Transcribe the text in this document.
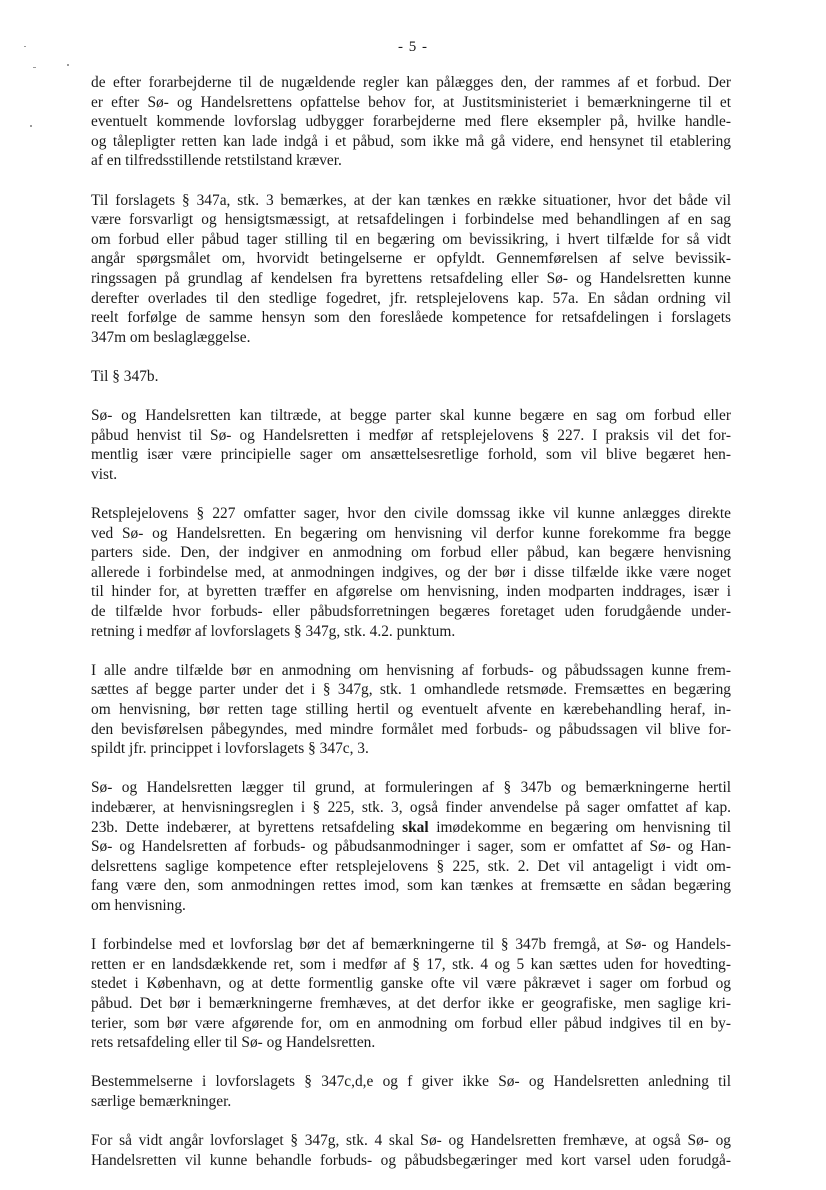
- 5 -
de efter forarbejderne til de nugældende regler kan pålægges den, der rammes af et forbud. Der
er efter Sø- og Handelsrettens opfattelse behov for, at Justitsministeriet i bemærkningerne til et
eventuelt kommende lovforslag udbygger forarbejderne med flere eksempler på, hvilke handle-
og tålepligter retten kan lade indgå i et påbud, som ikke må gå videre, end hensynet til etablering
af en tilfredsstillende retstilstand kræver.
Til forslagets § 347a, stk. 3 bemærkes, at der kan tænkes en række situationer, hvor det både vil
være forsvarligt og hensigtsmæssigt, at retsafdelingen i forbindelse med behandlingen af en sag
om forbud eller påbud tager stilling til en begæring om bevissikring, i hvert tilfælde for så vidt
angår spørgsmålet om, hvorvidt betingelserne er opfyldt. Gennemførelsen af selve bevissik-
ringssagen på grundlag af kendelsen fra byrettens retsafdeling eller Sø- og Handelsretten kunne
derefter overlades til den stedlige fogedret, jfr. retsplejelovens kap. 57a. En sådan ordning vil
reelt forfølge de samme hensyn som den foreslåede kompetence for retsafdelingen i forslagets
347m om beslaglæggelse.
Til § 347b.
Sø- og Handelsretten kan tiltræde, at begge parter skal kunne begære en sag om forbud eller
påbud henvist til Sø- og Handelsretten i medfør af retsplejelovens § 227. I praksis vil det for-
mentlig især være principielle sager om ansættelsesretlige forhold, som vil blive begæret hen-
vist.
Retsplejelovens § 227 omfatter sager, hvor den civile domssag ikke vil kunne anlægges direkte
ved Sø- og Handelsretten. En begæring om henvisning vil derfor kunne forekomme fra begge
parters side. Den, der indgiver en anmodning om forbud eller påbud, kan begære henvisning
allerede i forbindelse med, at anmodningen indgives, og der bør i disse tilfælde ikke være noget
til hinder for, at byretten træffer en afgørelse om henvisning, inden modparten inddrages, især i
de tilfælde hvor forbuds- eller påbudsforretningen begæres foretaget uden forudgående under-
retning i medfør af lovforslagets § 347g, stk. 4.2. punktum.
I alle andre tilfælde bør en anmodning om henvisning af forbuds- og påbudssagen kunne frem-
sættes af begge parter under det i § 347g, stk. 1 omhandlede retsmøde. Fremsættes en begæring
om henvisning, bør retten tage stilling hertil og eventuelt afvente en kærebehandling heraf, in-
den bevisførelsen påbegyndes, med mindre formålet med forbuds- og påbudssagen vil blive for-
spildt jfr. princippet i lovforslagets § 347c, 3.
Sø- og Handelsretten lægger til grund, at formuleringen af § 347b og bemærkningerne hertil
indebærer, at henvisningsreglen i § 225, stk. 3, også finder anvendelse på sager omfattet af kap.
23b. Dette indebærer, at byrettens retsafdeling skal imødekomme en begæring om henvisning til
Sø- og Handelsretten af forbuds- og påbudsanmodninger i sager, som er omfattet af Sø- og Han-
delsrettens saglige kompetence efter retsplejelovens § 225, stk. 2. Det vil antageligt i vidt om-
fang være den, som anmodningen rettes imod, som kan tænkes at fremsætte en sådan begæring
om henvisning.
I forbindelse med et lovforslag bør det af bemærkningerne til § 347b fremgå, at Sø- og Handels-
retten er en landsdækkende ret, som i medfør af § 17, stk. 4 og 5 kan sættes uden for hovedting-
stedet i København, og at dette formentlig ganske ofte vil være påkrævet i sager om forbud og
påbud. Det bør i bemærkningerne fremhæves, at det derfor ikke er geografiske, men saglige kri-
terier, som bør være afgørende for, om en anmodning om forbud eller påbud indgives til en by-
rets retsafdeling eller til Sø- og Handelsretten.
Bestemmelserne i lovforslagets § 347c,d,e og f giver ikke Sø- og Handelsretten anledning til
særlige bemærkninger.
For så vidt angår lovforslaget § 347g, stk. 4 skal Sø- og Handelsretten fremhæve, at også Sø- og
Handelsretten vil kunne behandle forbuds- og påbudsbegæringer med kort varsel uden forudgå-
